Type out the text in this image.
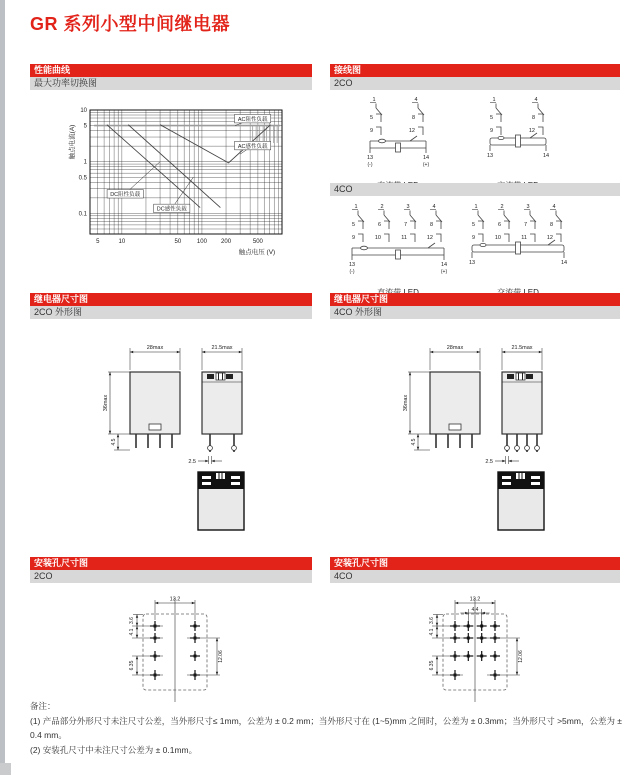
GR 系列小型中间继电器
性能曲线
最大功率切换图
5	10	50	100 200	500
10
5
1
0.5
0.1
触点电压 (V)
触点电流(A)
AC阻性负载
AC感性负载
DC阻性负载
DC感性负载
接线图
2CO
1
5
9
4
8
12
13	14
(-)	(+)
1
5
9
4
8
12
13	14
4CO
1
5
9
2
6
10
3
7
11
4
8
12
13	14
(-)	(+)
1
5
9
2
6
10
3
7
11
4
8
12
13	14
继电器尺寸图
2CO 外形图
28max
36max
4.5
21.5max
2.5
继电器尺寸图
4CO 外形图
28max
36max
4.5
21.5max
2.5
安装孔尺寸图
2CO
13.2
3.6
4.1
6.35
12.06
安装孔尺寸图
4CO
13.2
4.4
3.6
4.1
6.35
12.06
备注：
(1) 产品部分外形尺寸未注尺寸公差，当外形尺寸≤ 1mm，公差为 ± 0.2 mm；当外形尺寸在 (1~5)mm 之间时，公差为 ± 0.3mm；当外形尺寸 >5mm，公差为 ± 0.4 mm。
(2) 安装孔尺寸中未注尺寸公差为 ± 0.1mm。
